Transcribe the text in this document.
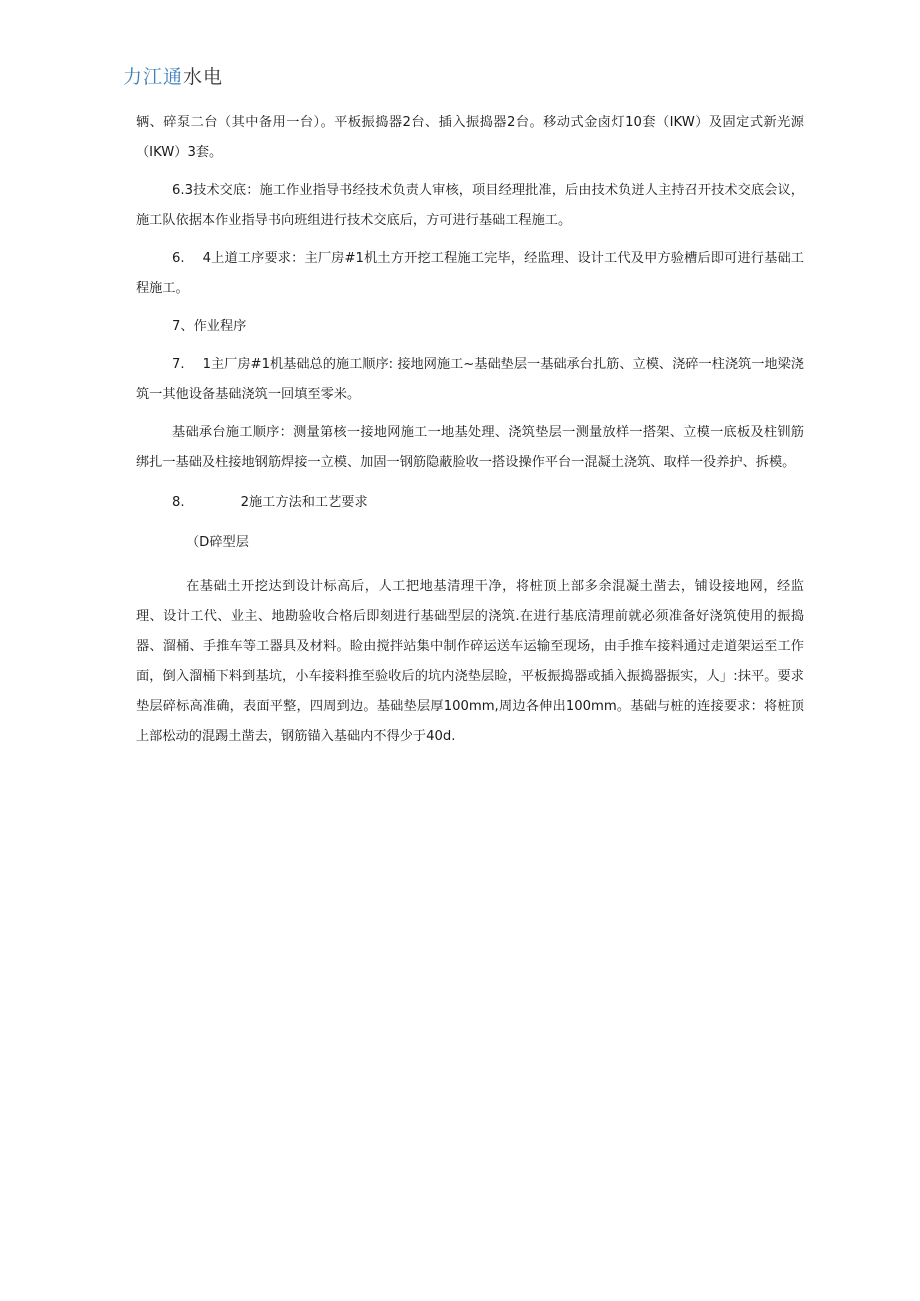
力江通水电

辆、碎泵二台（其中备用一台）。平板振捣器2台、插入振捣器2台。移动式金卤灯10套（IKW）及固定式新光源（IKW）3套。

6.3技术交底：施工作业指导书经技术负责人审核，项目经理批准，后由技术负迸人主持召开技术交底会议，施工队依据本作业指导书向班组进行技术交底后，方可进行基础工程施工。

6. 4上道工序要求：主厂房#1机土方开挖工程施工完毕，经监理、设计工代及甲方验槽后即可进行基础工程施工。

7、作业程序

7. 1主厂房#1机基础总的施工顺序: 接地网施工~基础垫层一基础承台扎筋、立模、浇碎一柱浇筑一地梁浇筑一其他设备基础浇筑一回填至零米。

基础承台施工顺序：测量第核一接地网施工一地基处理、浇筑垫层一测量放样一搭架、立模一底板及柱钏筋绑扎一基础及柱接地钢筋焊接一立模、加固一钢筋隐蔽脸收一搭设操作平台一混凝土浇筑、取样一役养护、拆模。

8.	2施工方法和工艺要求

（D碎型层

在基础土开挖达到设计标高后，人工把地基清理干净，将桩顶上部多余混凝土凿去，铺设接地网，经监理、设计工代、业主、地勘验收合格后即刻进行基础型层的浇筑.在进行基底清理前就必须准备好浇筑使用的振捣器、溜桶、手推车等工器具及材料。睑由搅拌站集中制作碎运送车运输至现场，由手推车接料通过走道架运至工作面，倒入溜桶下料到基坑，小车接料推至验收后的坑内浇垫层睑，平板振捣器或插入振捣器振实，人」:抹平。要求垫层碎标高准确，表面平整，四周到边。基础垫层厚100mm,周边各伸出100mm。基础与桩的连接要求：将桩顶上部松动的混踢土凿去，钢筋锚入基础内不得少于40d.
